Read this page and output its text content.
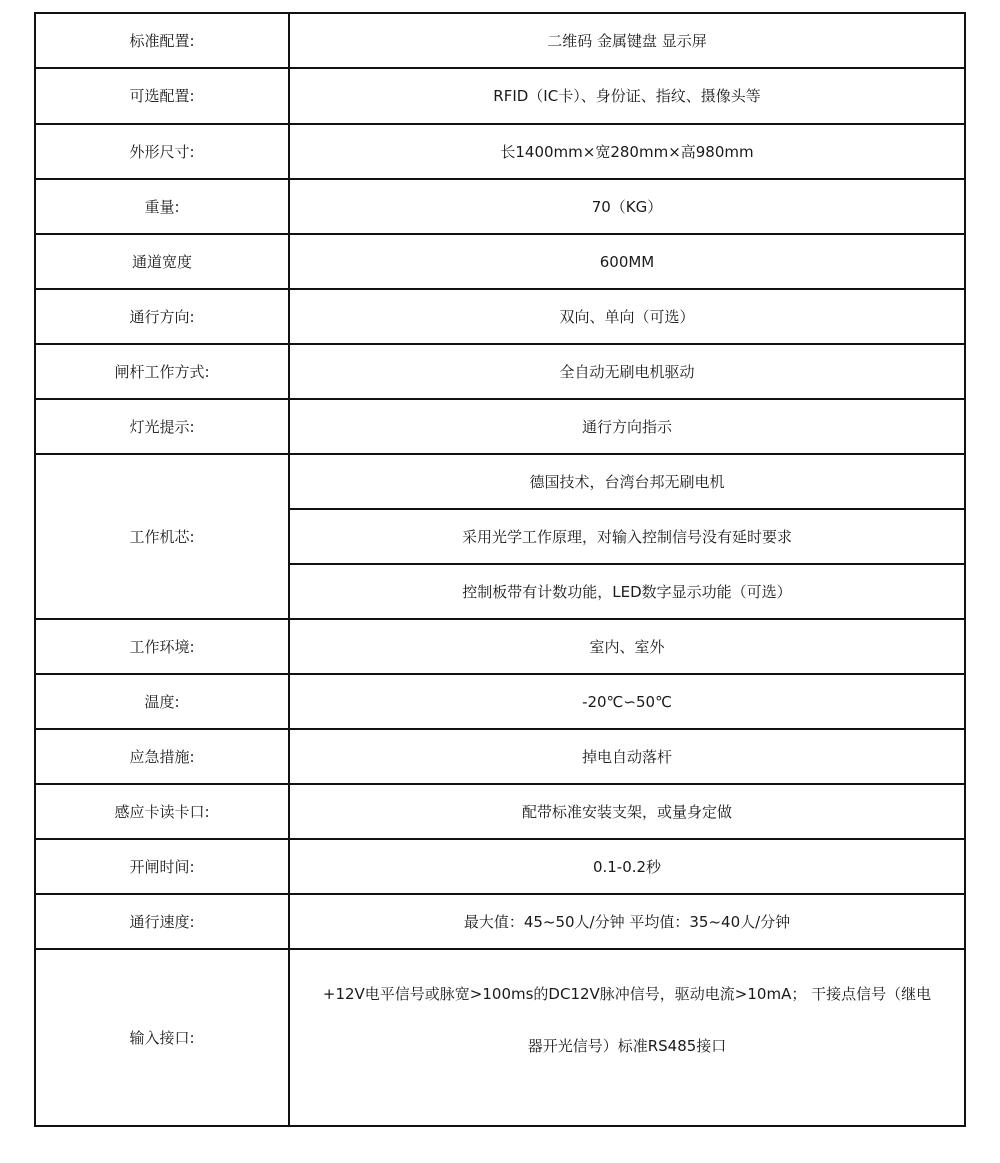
标准配置:	二维码 金属键盘 显示屏
可选配置:	RFID（IC卡）、身份证、指纹、摄像头等
外形尺寸:	长1400mm×宽280mm×高980mm
重量:	70（KG）
通道宽度	600MM
通行方向:	双向、单向（可选）
闸杆工作方式:	全自动无刷电机驱动
灯光提示:	通行方向指示
工作机芯:	德国技术，台湾台邦无刷电机
	采用光学工作原理，对输入控制信号没有延时要求
	控制板带有计数功能，LED数字显示功能（可选）
工作环境:	室内、室外
温度:	-20℃∽50℃
应急措施:	掉电自动落杆
感应卡读卡口:	配带标准安装支架，或量身定做
开闸时间:	0.1-0.2秒
通行速度:	最大值：45~50人/分钟 平均值：35~40人/分钟
输入接口:	+12V电平信号或脉宽>100ms的DC12V脉冲信号，驱动电流>10mA； 干接点信号（继电
器开光信号）标准RS485接口
